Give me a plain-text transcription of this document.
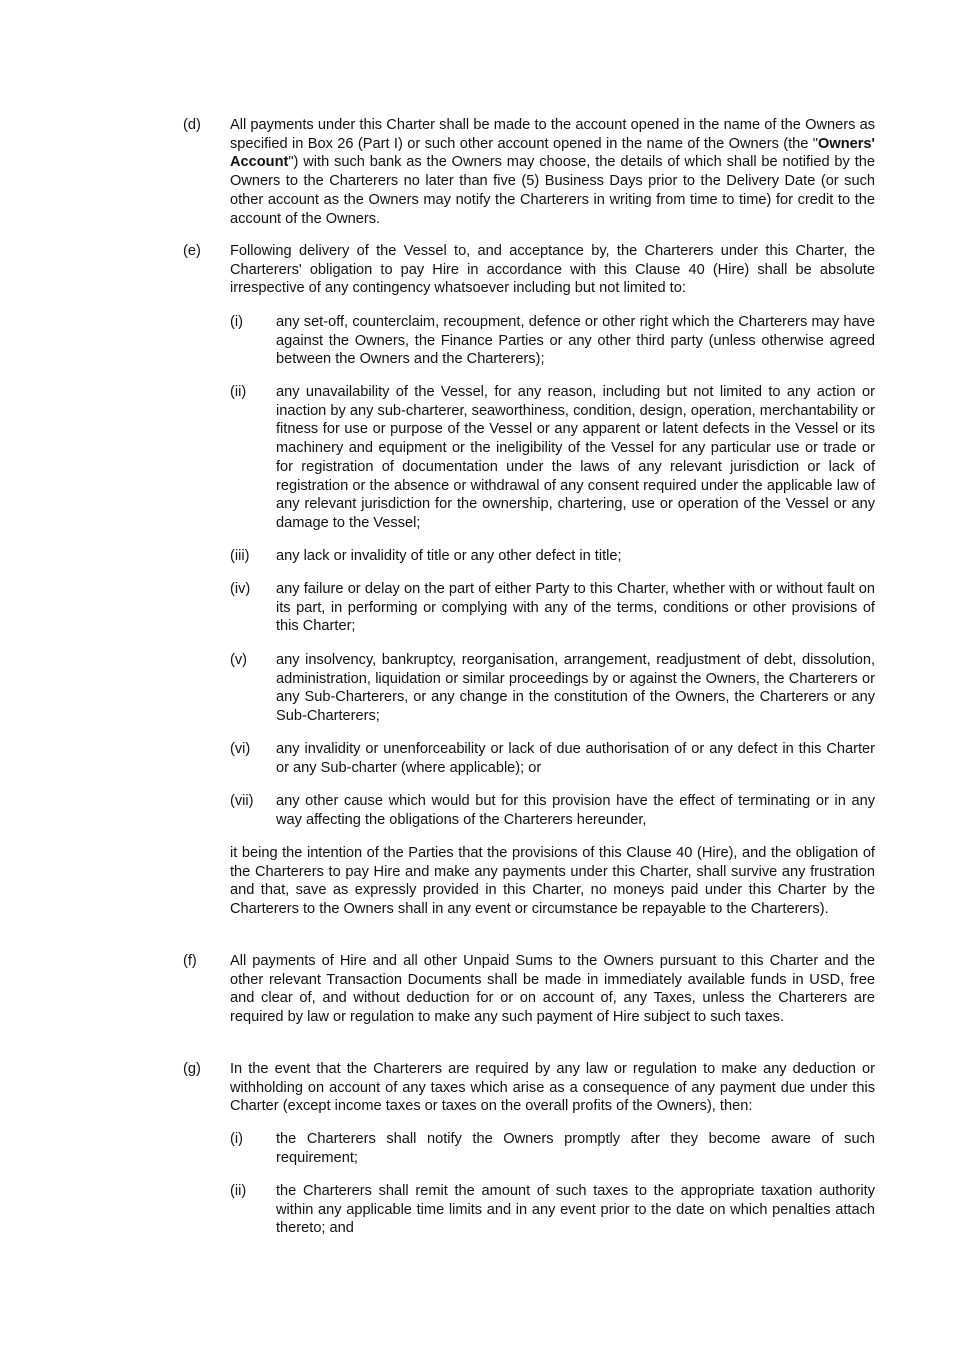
(d) All payments under this Charter shall be made to the account opened in the name of the Owners as specified in Box 26 (Part I) or such other account opened in the name of the Owners (the "Owners' Account") with such bank as the Owners may choose, the details of which shall be notified by the Owners to the Charterers no later than five (5) Business Days prior to the Delivery Date (or such other account as the Owners may notify the Charterers in writing from time to time) for credit to the account of the Owners.
(e) Following delivery of the Vessel to, and acceptance by, the Charterers under this Charter, the Charterers' obligation to pay Hire in accordance with this Clause 40 (Hire) shall be absolute irrespective of any contingency whatsoever including but not limited to:
(i) any set-off, counterclaim, recoupment, defence or other right which the Charterers may have against the Owners, the Finance Parties or any other third party (unless otherwise agreed between the Owners and the Charterers);
(ii) any unavailability of the Vessel, for any reason, including but not limited to any action or inaction by any sub-charterer, seaworthiness, condition, design, operation, merchantability or fitness for use or purpose of the Vessel or any apparent or latent defects in the Vessel or its machinery and equipment or the ineligibility of the Vessel for any particular use or trade or for registration of documentation under the laws of any relevant jurisdiction or lack of registration or the absence or withdrawal of any consent required under the applicable law of any relevant jurisdiction for the ownership, chartering, use or operation of the Vessel or any damage to the Vessel;
(iii) any lack or invalidity of title or any other defect in title;
(iv) any failure or delay on the part of either Party to this Charter, whether with or without fault on its part, in performing or complying with any of the terms, conditions or other provisions of this Charter;
(v) any insolvency, bankruptcy, reorganisation, arrangement, readjustment of debt, dissolution, administration, liquidation or similar proceedings by or against the Owners, the Charterers or any Sub-Charterers, or any change in the constitution of the Owners, the Charterers or any Sub-Charterers;
(vi) any invalidity or unenforceability or lack of due authorisation of or any defect in this Charter or any Sub-charter (where applicable); or
(vii) any other cause which would but for this provision have the effect of terminating or in any way affecting the obligations of the Charterers hereunder,
it being the intention of the Parties that the provisions of this Clause 40 (Hire), and the obligation of the Charterers to pay Hire and make any payments under this Charter, shall survive any frustration and that, save as expressly provided in this Charter, no moneys paid under this Charter by the Charterers to the Owners shall in any event or circumstance be repayable to the Charterers).
(f) All payments of Hire and all other Unpaid Sums to the Owners pursuant to this Charter and the other relevant Transaction Documents shall be made in immediately available funds in USD, free and clear of, and without deduction for or on account of, any Taxes, unless the Charterers are required by law or regulation to make any such payment of Hire subject to such taxes.
(g) In the event that the Charterers are required by any law or regulation to make any deduction or withholding on account of any taxes which arise as a consequence of any payment due under this Charter (except income taxes or taxes on the overall profits of the Owners), then:
(i) the Charterers shall notify the Owners promptly after they become aware of such requirement;
(ii) the Charterers shall remit the amount of such taxes to the appropriate taxation authority within any applicable time limits and in any event prior to the date on which penalties attach thereto; and
